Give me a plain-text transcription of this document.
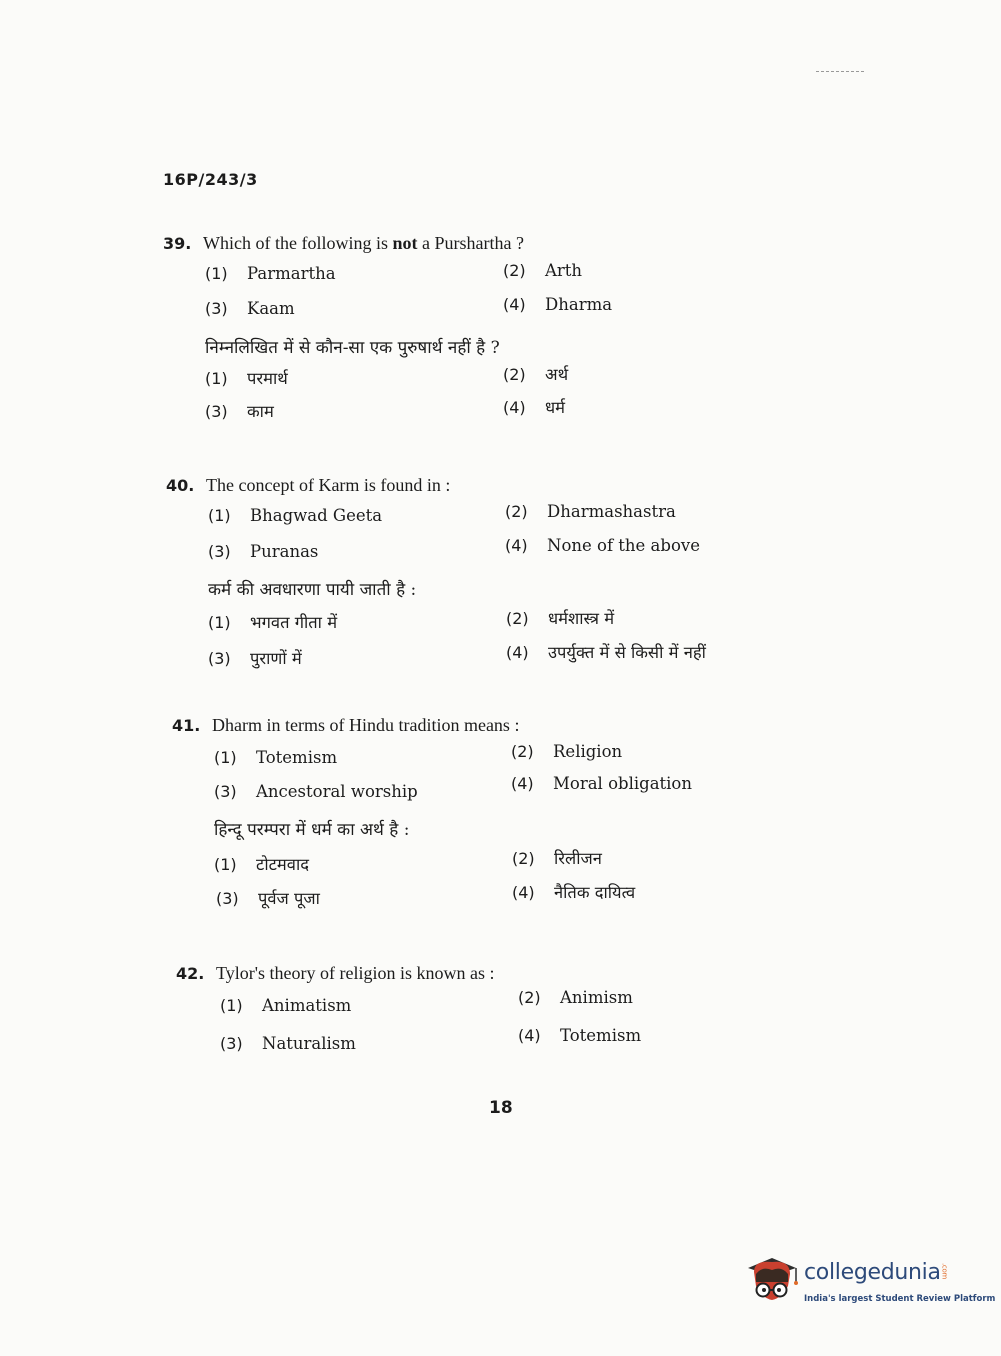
16P/243/3
39. Which of the following is not a Purshartha ?
(1) Parmartha	(2) Arth
(3) Kaam	(4) Dharma
निम्नलिखित में से कौन-सा एक पुरुषार्थ नहीं है ?
(1) परमार्थ	(2) अर्थ
(3) काम	(4) धर्म
40. The concept of Karm is found in :
(1) Bhagwad Geeta	(2) Dharmashastra
(3) Puranas	(4) None of the above
कर्म की अवधारणा पायी जाती है :
(1) भगवत गीता में	(2) धर्मशास्त्र में
(3) पुराणों में	(4) उपर्युक्त में से किसी में नहीं
41. Dharm in terms of Hindu tradition means :
(1) Totemism	(2) Religion
(3) Ancestoral worship	(4) Moral obligation
हिन्दू परम्परा में धर्म का अर्थ है :
(1) टोटमवाद	(2) रिलीजन
(3) पूर्वज पूजा	(4) नैतिक दायित्व
42. Tylor's theory of religion is known as :
(1) Animatism	(2) Animism
(3) Naturalism	(4) Totemism
18
collegedunia.com
India's largest Student Review Platform
